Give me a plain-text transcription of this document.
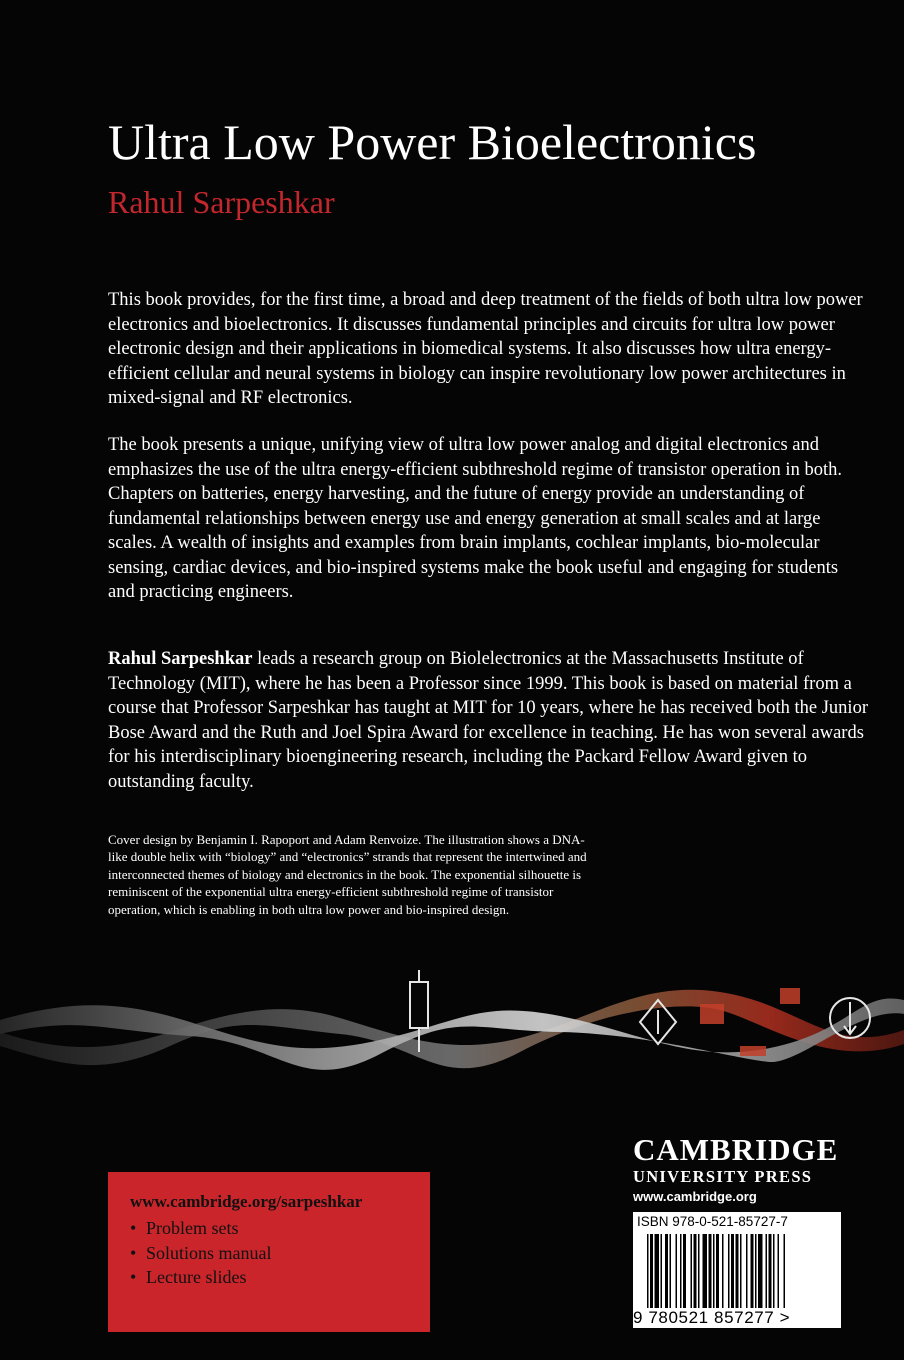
Ultra Low Power Bioelectronics
Rahul Sarpeshkar

This book provides, for the first time, a broad and deep treatment of the fields of both ultra low power electronics and bioelectronics. It discusses fundamental principles and circuits for ultra low power electronic design and their applications in biomedical systems. It also discusses how ultra energy-efficient cellular and neural systems in biology can inspire revolutionary low power architectures in mixed-signal and RF electronics.

The book presents a unique, unifying view of ultra low power analog and digital electronics and emphasizes the use of the ultra energy-efficient subthreshold regime of transistor operation in both. Chapters on batteries, energy harvesting, and the future of energy provide an understanding of fundamental relationships between energy use and energy generation at small scales and at large scales. A wealth of insights and examples from brain implants, cochlear implants, bio-molecular sensing, cardiac devices, and bio-inspired systems make the book useful and engaging for students and practicing engineers.

Rahul Sarpeshkar leads a research group on Biolelectronics at the Massachusetts Institute of Technology (MIT), where he has been a Professor since 1999. This book is based on material from a course that Professor Sarpeshkar has taught at MIT for 10 years, where he has received both the Junior Bose Award and the Ruth and Joel Spira Award for excellence in teaching. He has won several awards for his interdisciplinary bioengineering research, including the Packard Fellow Award given to outstanding faculty.

Cover design by Benjamin I. Rapoport and Adam Renvoize. The illustration shows a DNA-like double helix with “biology” and “electronics” strands that represent the intertwined and interconnected themes of biology and electronics in the book. The exponential silhouette is reminiscent of the exponential ultra energy-efficient subthreshold regime of transistor operation, which is enabling in both ultra low power and bio-inspired design.

www.cambridge.org/sarpeshkar
• Problem sets
• Solutions manual
• Lecture slides
CAMBRIDGE
UNIVERSITY PRESS
www.cambridge.org
ISBN 978-0-521-85727-7
9 780521 857277 >
